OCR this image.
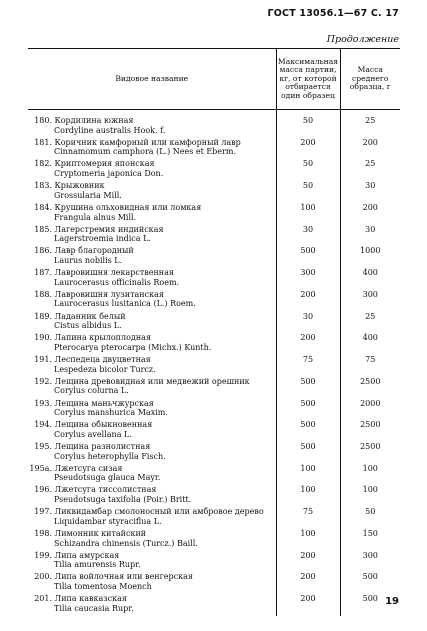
ГОСТ 13056.1—67 С. 17
Продолжение
Видовое название	Максимальная масса партии, кг, от которой отбирается один образец	Масса среднего образца, г

180. Кордилина южная
Cordyline australis Hook. f.	50	25
181. Коричник камфорный или камфорный лавр
Cinnamomum camphora (L.) Nees et Eberm.	200	200
182. Криптомерия японская
Cryptomeria japonica Don.	50	25
183. Крыжовник
Grossularia Mill.	50	30
184. Крушина ольховидная или ломкая
Frangula alnus Mill.	100	200
185. Лагерстремия индийская
Lagerstroemia indica L.	30	30
186. Лавр благородный
Laurus nobilis L.	500	1000
187. Лавровишня лекарственная
Laurocerasus officinalis Roem.	300	400
188. Лавровишня лузитанская
Laurocerasus lusitanica (L.) Roem.	200	300
189. Ладанник белый
Cistus albidus L.	30	25
190. Лапина крылоплодная
Pterocarya pterocarpa (Michx.) Kunth.	200	400
191. Леспедеца двуцветная
Lespedeza bicolor Turcz.	75	75
192. Лещина древовидная или медвежий орешник
Corylus colurna L.	500	2500
193. Лещина маньчжурская
Corylus manshurica Maxim.	500	2000
194. Лещина обыкновенная
Corylus avellana L.	500	2500
195. Лещина разнолистная
Corylus heterophylla Fisch.	500	2500
195а. Лжетсуга сизая
Pseudotsuga glauca Mayr.	100	100
196. Лжетсуга тиссолистная
Pseudotsuga taxifolia (Poir.) Britt.	100	100
197. Ликвидамбар смолоносный или амбровое дерево
Liquidambar styraciflua L.	75	50
198. Лимонник китайский
Schizandra chinensis (Turcz.) Baill.	100	150
199. Липа амурская
Tilia amurensis Rupr.	200	300
200. Липа войлочная или венгерская
Tilia tomentosa Moench	200	500
201. Липа кавказская
Tilia caucasia Rupr.	200	500 19
